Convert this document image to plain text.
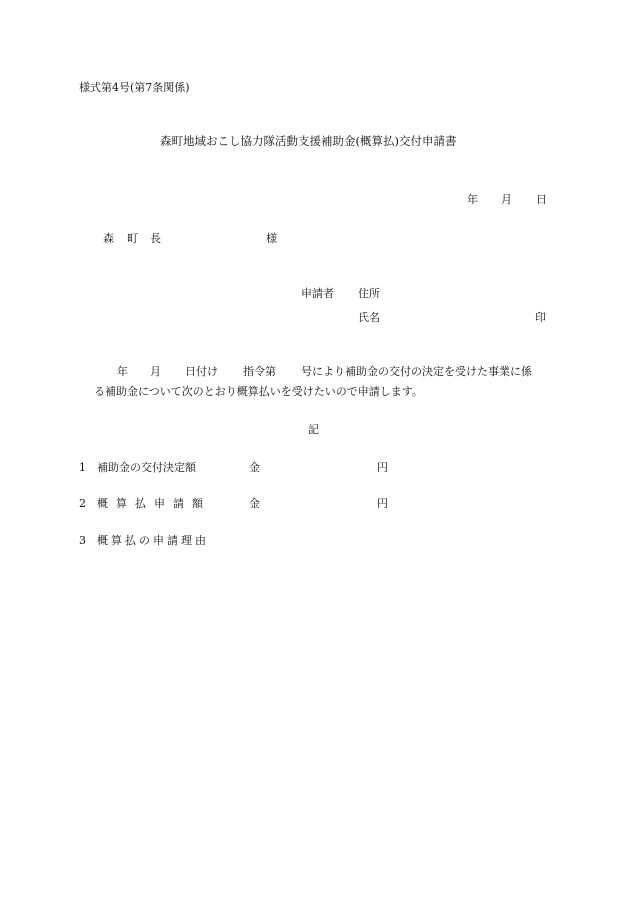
様式第4号(第7条関係)
森町地域おこし協力隊活動支援補助金(概算払)交付申請書
年 月 日
森 町 長	様
申請者 住所
氏名	印
年 月 日付け 指令第 号により補助金の交付の決定を受けた事業に係
る補助金について次のとおり概算払いを受けたいので申請します。
記
1 補助金の交付決定額	金	円
2 概算払申請額	金	円
3 概算払の申請理由
